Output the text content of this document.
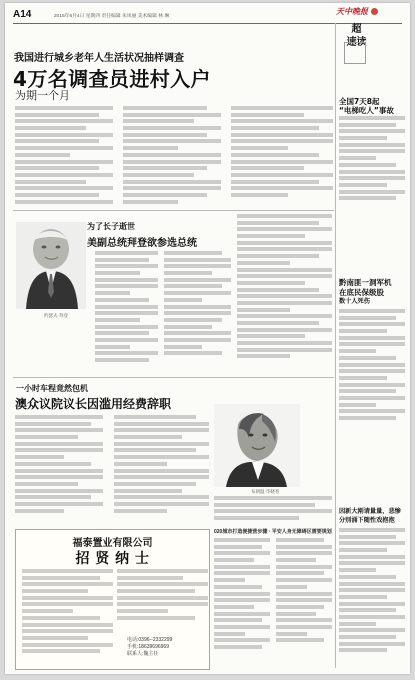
A14	2015年6月4日 星期四 责任编辑 朱凤丽 美术编辑 林 琳
天中晚报
超
速读
我国进行城乡老年人生活状况抽样调查
4万名调查员进村入户
为期一个月
约瑟夫·拜登
为了长子逝世
美副总统拜登欲参选总统
一小时车程竟然包机
澳众议院议长因滥用经费辞职
布朗温·毕晓普
全国7天8起
“电梯吃人”事故
黔南匪一洞军机
在底民保级股
数十人死伤
因新大刚请量量，悲惨
分别涌下随性戏抱抱
福泰置业有限公司
招 贤 纳 士
电话:0396--2332299
手机:18639696969
联系人:魏主任
020城市打造便捷营步骤 · 平安人身无障碍区需要规划
